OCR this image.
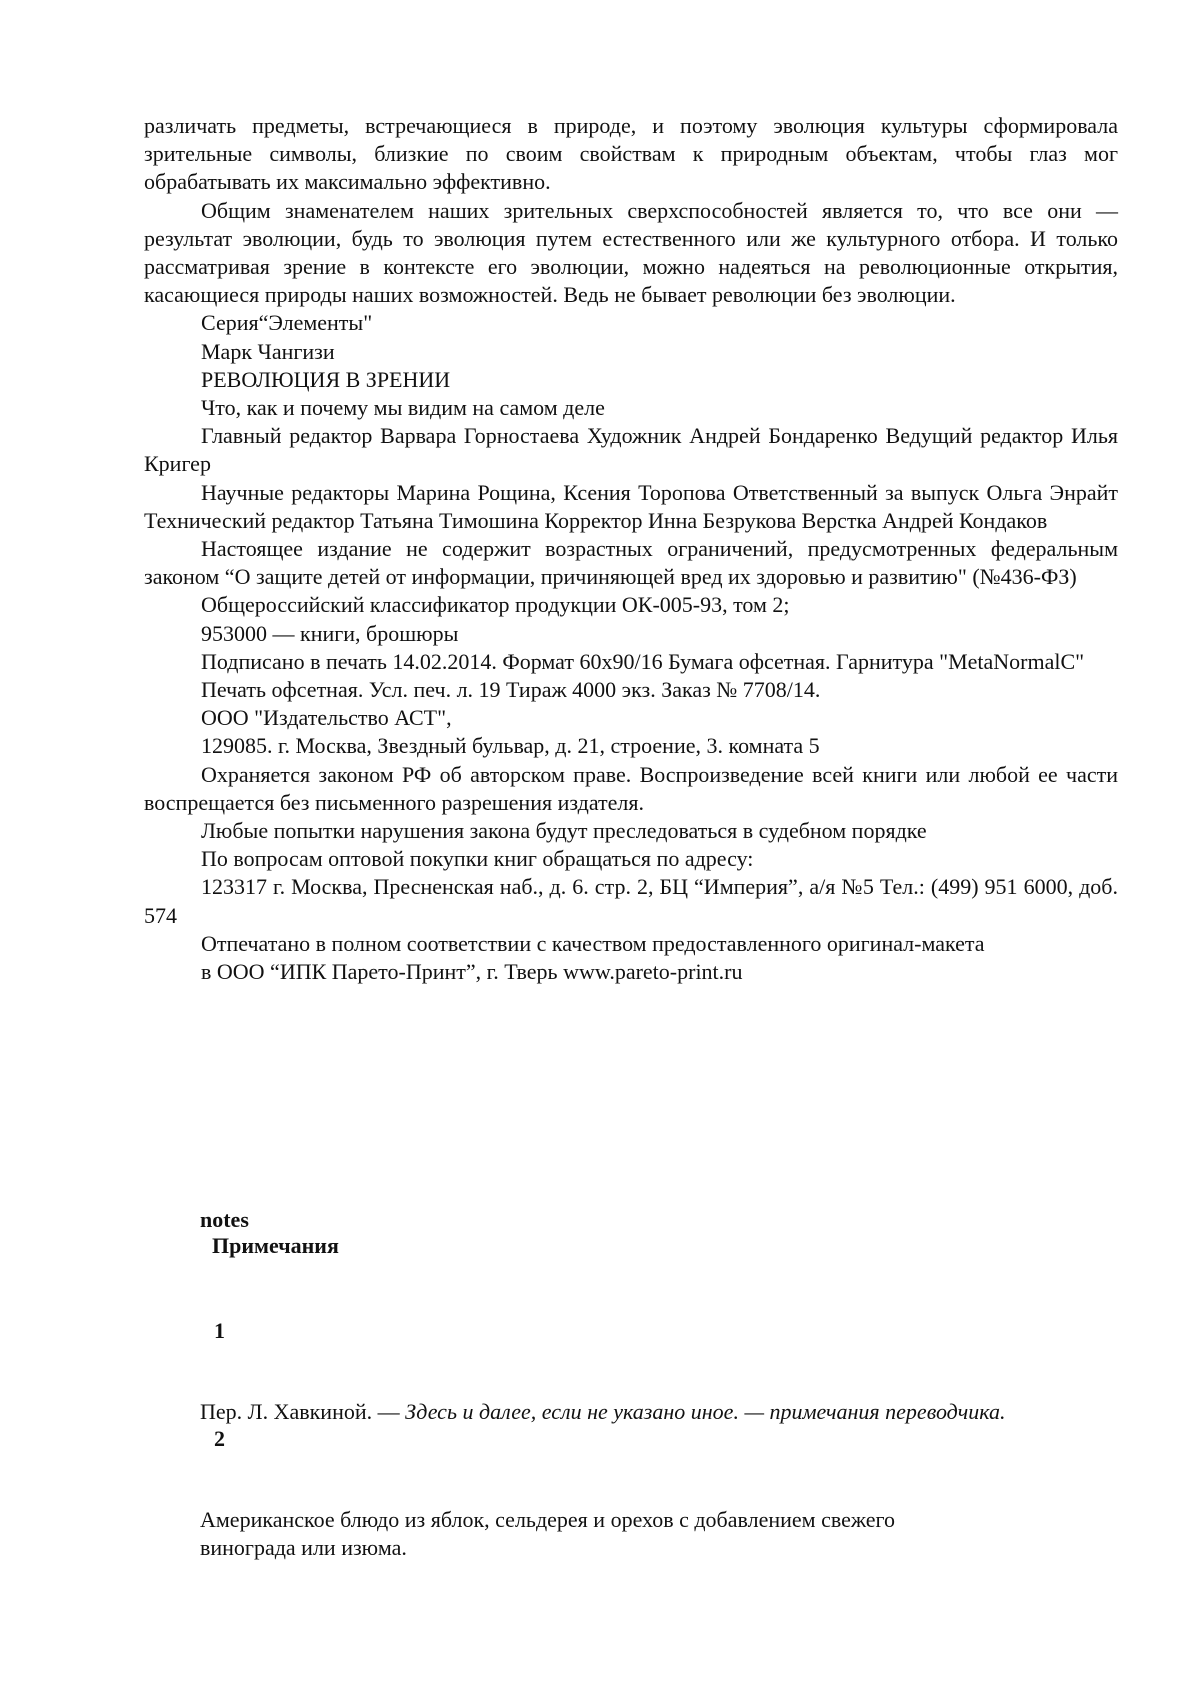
различать предметы, встречающиеся в природе, и поэтому эволюция культуры сформировала зрительные символы, близкие по своим свойствам к природным объектам, чтобы глаз мог обрабатывать их максимально эффективно.

Общим знаменателем наших зрительных сверхспособностей является то, что все они — результат эволюции, будь то эволюция путем естественного или же культурного отбора. И только рассматривая зрение в контексте его эволюции, можно надеяться на революционные открытия, касающиеся природы наших возможностей. Ведь не бывает революции без эволюции.

Серия“Элементы"

Марк Чангизи

РЕВОЛЮЦИЯ В ЗРЕНИИ

Что, как и почему мы видим на самом деле

Главный редактор Варвара Горностаева Художник Андрей Бондаренко Ведущий редактор Илья Кригер

Научные редакторы Марина Рощина, Ксения Торопова Ответственный за выпуск Ольга Энрайт Технический редактор Татьяна Тимошина Корректор Инна Безрукова Верстка Андрей Кондаков

Настоящее издание не содержит возрастных ограничений, предусмотренных федеральным законом “О защите детей от информации, причиняющей вред их здоровью и развитию" (№436-ФЗ)

Общероссийский классификатор продукции ОК-005-93, том 2;

953000 — книги, брошюры

Подписано в печать 14.02.2014. Формат 60x90/16 Бумага офсетная. Гарнитура "MetaNormalC"

Печать офсетная. Усл. печ. л. 19 Тираж 4000 экз. Заказ № 7708/14.

ООО "Издательство АСТ",

129085. г. Москва, Звездный бульвар, д. 21, строение, 3. комната 5

Охраняется законом РФ об авторском праве. Воспроизведение всей книги или любой ее части воспрещается без письменного разрешения издателя.

Любые попытки нарушения закона будут преследоваться в судебном порядке

По вопросам оптовой покупки книг обращаться по адресу:

123317 г. Москва, Пресненская наб., д. 6. стр. 2, БЦ “Империя”, а/я №5 Тел.: (499) 951 6000, доб. 574

Отпечатано в полном соответствии с качеством предоставленного оригинал-макета

в ООО “ИПК Парето-Принт”, г. Тверь www.pareto-print.ru

notes

Примечания

1

Пер. Л. Хавкиной. — Здесь и далее, если не указано иное. — примечания переводчика.

2

Американское блюдо из яблок, сельдерея и орехов с добавлением свежего винограда или изюма.
